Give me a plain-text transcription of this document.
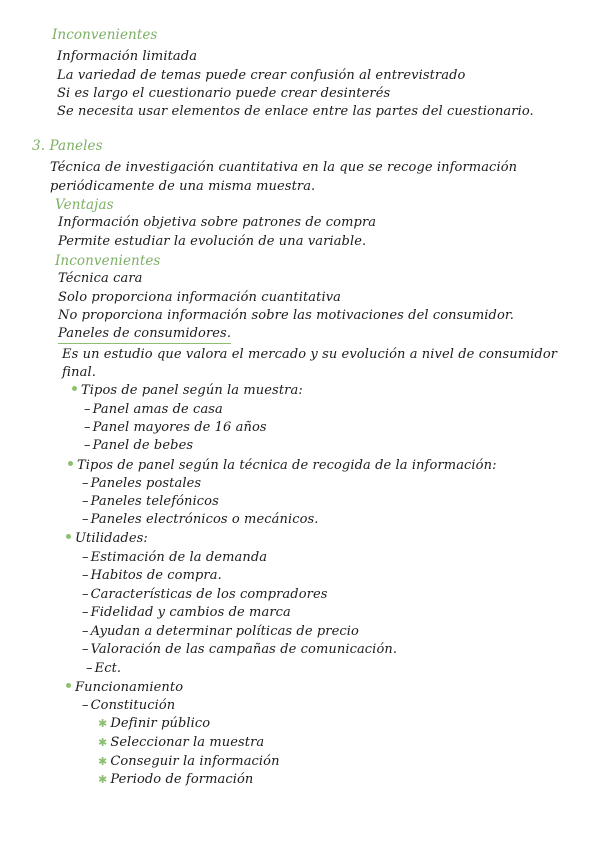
Inconvenientes
Información limitada
La variedad de temas puede crear confusión al entrevistrado
Si es largo el cuestionario puede crear desinterés
Se necesita usar elementos de enlace entre las partes del cuestionario.
3. Paneles
Técnica de investigación cuantitativa en la que se recoge información
periódicamente de una misma muestra.
Ventajas
Información objetiva sobre patrones de compra
Permite estudiar la evolución de una variable.
Inconvenientes
Técnica cara
Solo proporciona información cuantitativa
No proporciona información sobre las motivaciones del consumidor.
Paneles de consumidores.
Es un estudio que valora el mercado y su evolución a nivel de consumidor
final.
Tipos de panel según la muestra:
– Panel amas de casa
– Panel mayores de 16 años
– Panel de bebes
Tipos de panel según la técnica de recogida de la información:
– Paneles postales
– Paneles telefónicos
– Paneles electrónicos o mecánicos.
Utilidades:
– Estimación de la demanda
– Habitos de compra.
– Características de los compradores
– Fidelidad y cambios de marca
– Ayudan a determinar políticas de precio
– Valoración de las campañas de comunicación.
– Ect.
Funcionamiento
– Constitución
✱ Definir público
✱ Seleccionar la muestra
✱ Conseguir la información
✱ Periodo de formación
